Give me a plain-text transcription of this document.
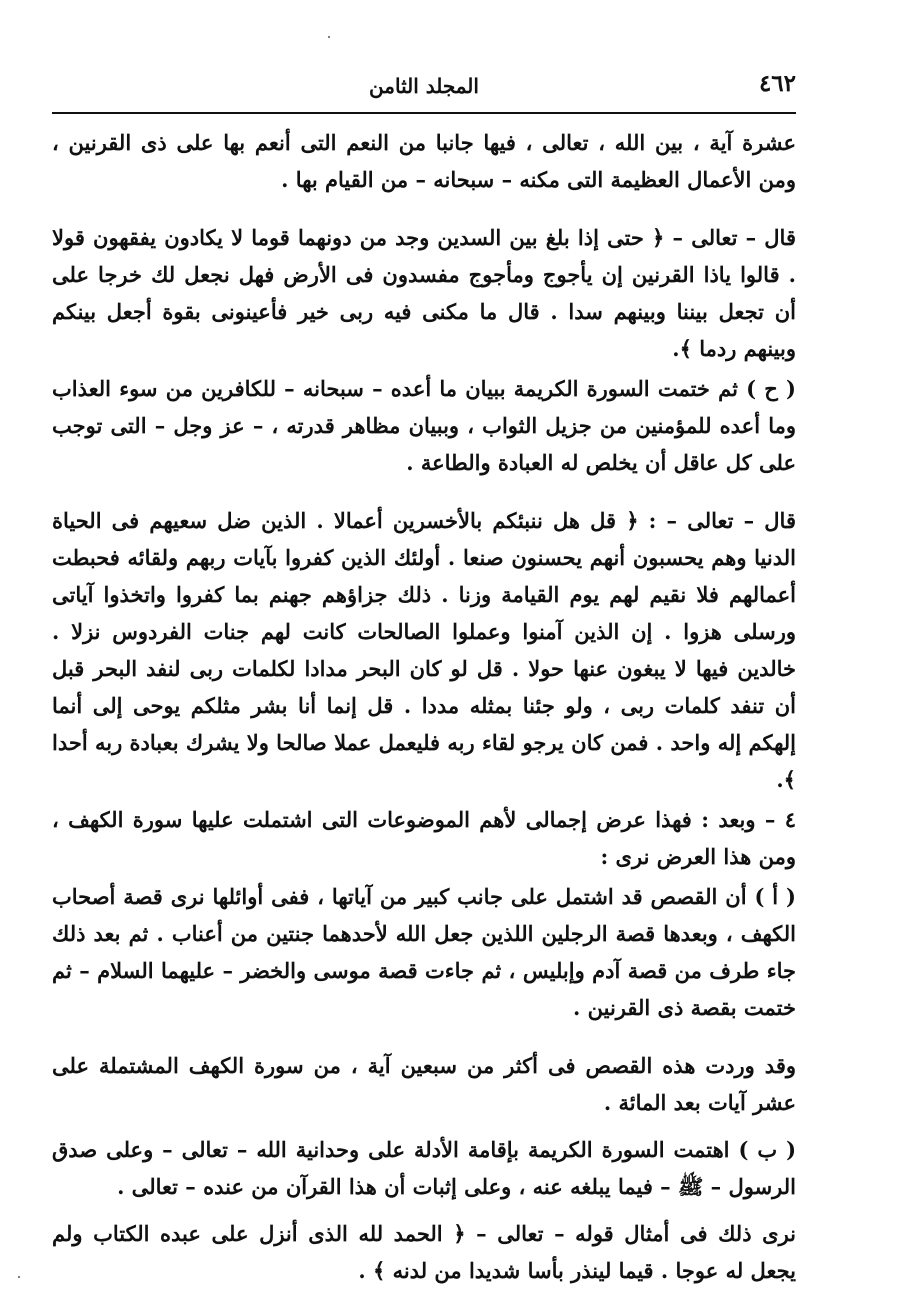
٤٦٢
المجلد الثامن

عشرة آية ، بين الله ، تعالى ، فيها جانبا من النعم التى أنعم بها على ذى القرنين ، ومن الأعمال العظيمة التى مكنه – سبحانه – من القيام بها .

قال – تعالى – ﴿ حتى إذا بلغ بين السدين وجد من دونهما قوما لا يكادون يفقهون قولا . قالوا ياذا القرنين إن يأجوج ومأجوج مفسدون فى الأرض فهل نجعل لك خرجا على أن تجعل بيننا وبينهم سدا . قال ما مكنى فيه ربى خير فأعينونى بقوة أجعل بينكم وبينهم ردما ﴾.

( ح ) ثم ختمت السورة الكريمة ببيان ما أعده – سبحانه – للكافرين من سوء العذاب وما أعده للمؤمنين من جزيل الثواب ، وببيان مظاهر قدرته ، – عز وجل – التى توجب على كل عاقل أن يخلص له العبادة والطاعة .

قال – تعالى – : ﴿ قل هل ننبئكم بالأخسرين أعمالا . الذين ضل سعيهم فى الحياة الدنيا وهم يحسبون أنهم يحسنون صنعا . أولئك الذين كفروا بآيات ربهم ولقائه فحبطت أعمالهم فلا نقيم لهم يوم القيامة وزنا . ذلك جزاؤهم جهنم بما كفروا واتخذوا آياتى ورسلى هزوا . إن الذين آمنوا وعملوا الصالحات كانت لهم جنات الفردوس نزلا . خالدين فيها لا يبغون عنها حولا . قل لو كان البحر مدادا لكلمات ربى لنفد البحر قبل أن تنفد كلمات ربى ، ولو جئنا بمثله مددا . قل إنما أنا بشر مثلكم يوحى إلى أنما إلهكم إله واحد . فمن كان يرجو لقاء ربه فليعمل عملا صالحا ولا يشرك بعبادة ربه أحدا ﴾.

٤ – وبعد : فهذا عرض إجمالى لأهم الموضوعات التى اشتملت عليها سورة الكهف ، ومن هذا العرض نرى :

( أ ) أن القصص قد اشتمل على جانب كبير من آياتها ، ففى أوائلها نرى قصة أصحاب الكهف ، وبعدها قصة الرجلين اللذين جعل الله لأحدهما جنتين من أعناب . ثم بعد ذلك جاء طرف من قصة آدم وإبليس ، ثم جاءت قصة موسى والخضر – عليهما السلام – ثم ختمت بقصة ذى القرنين .

وقد وردت هذه القصص فى أكثر من سبعين آية ، من سورة الكهف المشتملة على عشر آيات بعد المائة .

( ب ) اهتمت السورة الكريمة بإقامة الأدلة على وحدانية الله – تعالى – وعلى صدق الرسول – ﷺ – فيما يبلغه عنه ، وعلى إثبات أن هذا القرآن من عنده – تعالى .

نرى ذلك فى أمثال قوله – تعالى – ﴿ الحمد لله الذى أنزل على عبده الكتاب ولم يجعل له عوجا . قيما لينذر بأسا شديدا من لدنه ﴾ .
